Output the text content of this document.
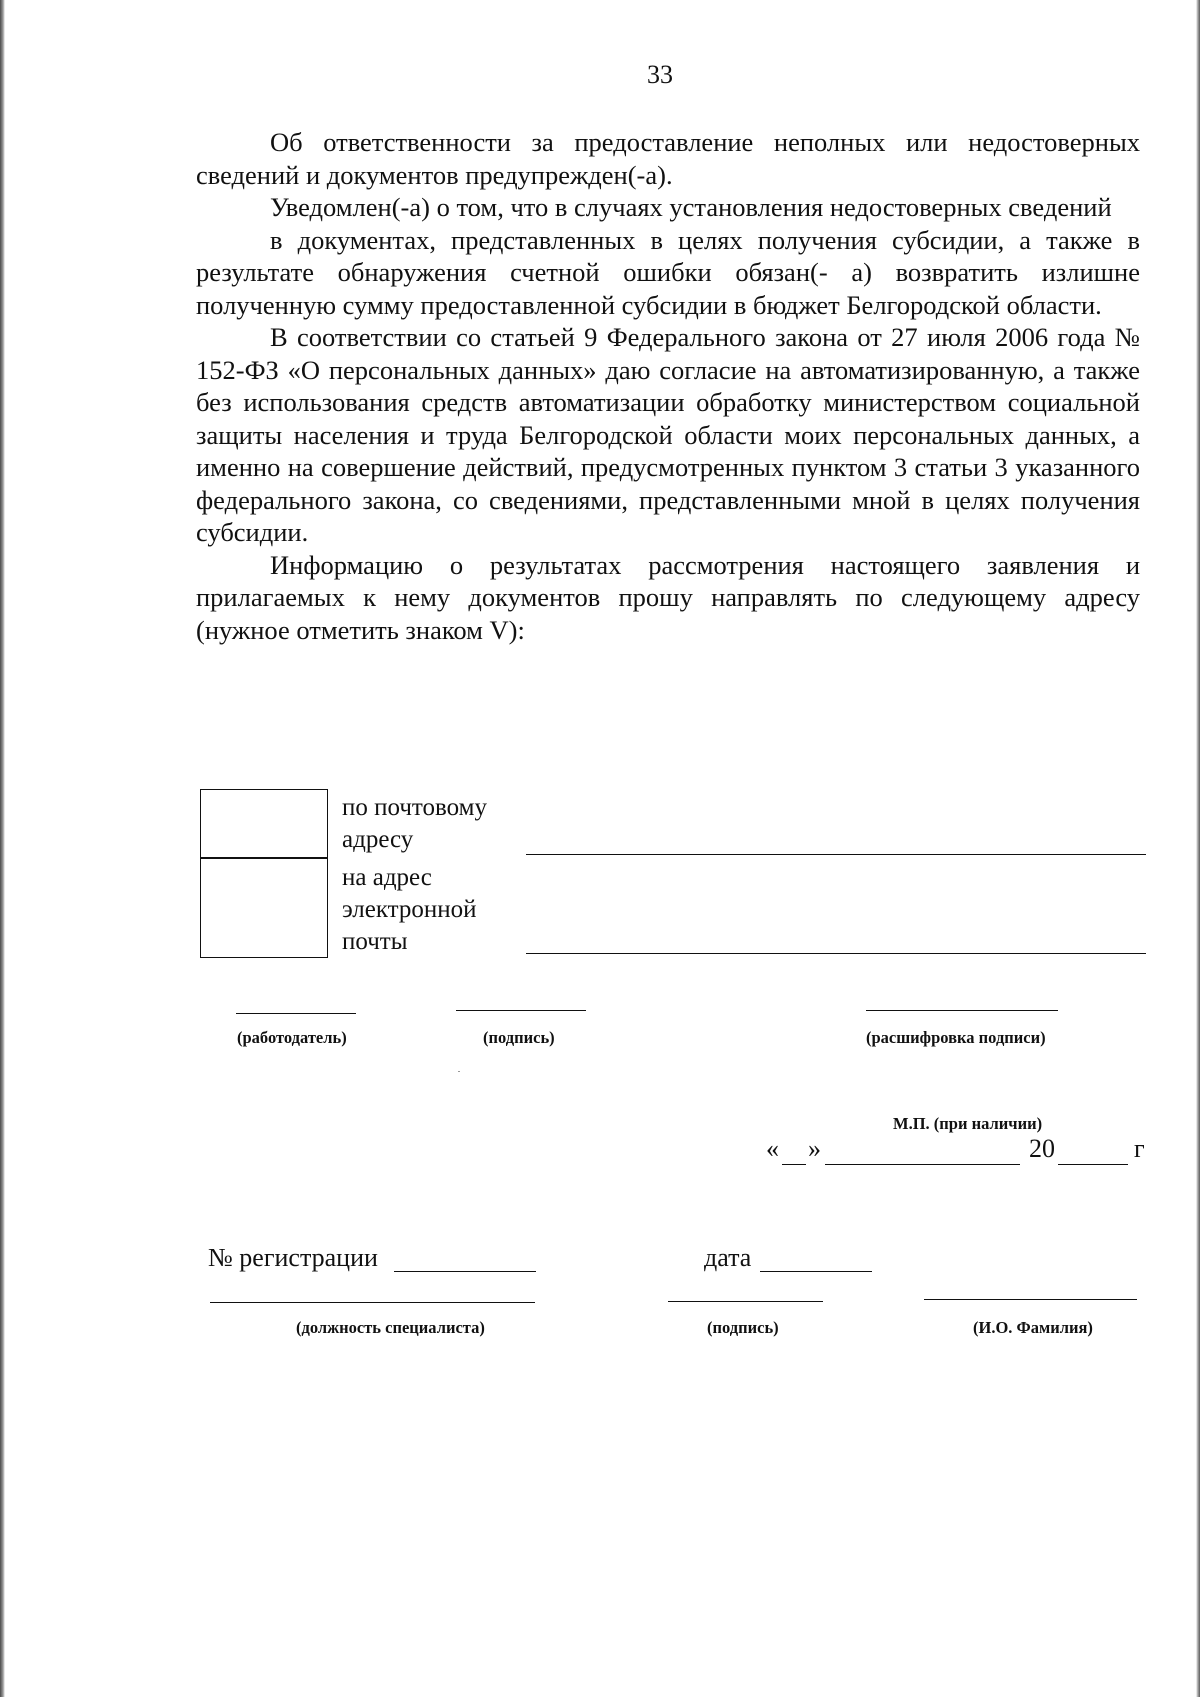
33

Об ответственности за предоставление неполных или недостоверных сведений и документов предупрежден(-а).

Уведомлен(-а) о том, что в случаях установления недостоверных сведений

в документах, представленных в целях получения субсидии, а также в результате обнаружения счетной ошибки обязан(- а) возвратить излишне полученную сумму предоставленной субсидии в бюджет Белгородской области.

В соответствии со статьей 9 Федерального закона от 27 июля 2006 года № 152-ФЗ «О персональных данных» даю согласие на автоматизированную, а также без использования средств автоматизации обработку министерством социальной защиты населения и труда Белгородской области моих персональных данных, а именно на совершение действий, предусмотренных пунктом 3 статьи 3 указанного федерального закона, со сведениями, представленными мной в целях получения субсидии.

Информацию о результатах рассмотрения настоящего заявления и прилагаемых к нему документов прошу направлять по следующему адресу (нужное отметить знаком V):

по почтовому адресу
на адрес электронной почты
(работодатель)	(подпись)	(расшифровка подписи)
М.П. (при наличии)
« »	20	г
№ регистрации	дата
(должность специалиста)	(подпись)	(И.О. Фамилия)
